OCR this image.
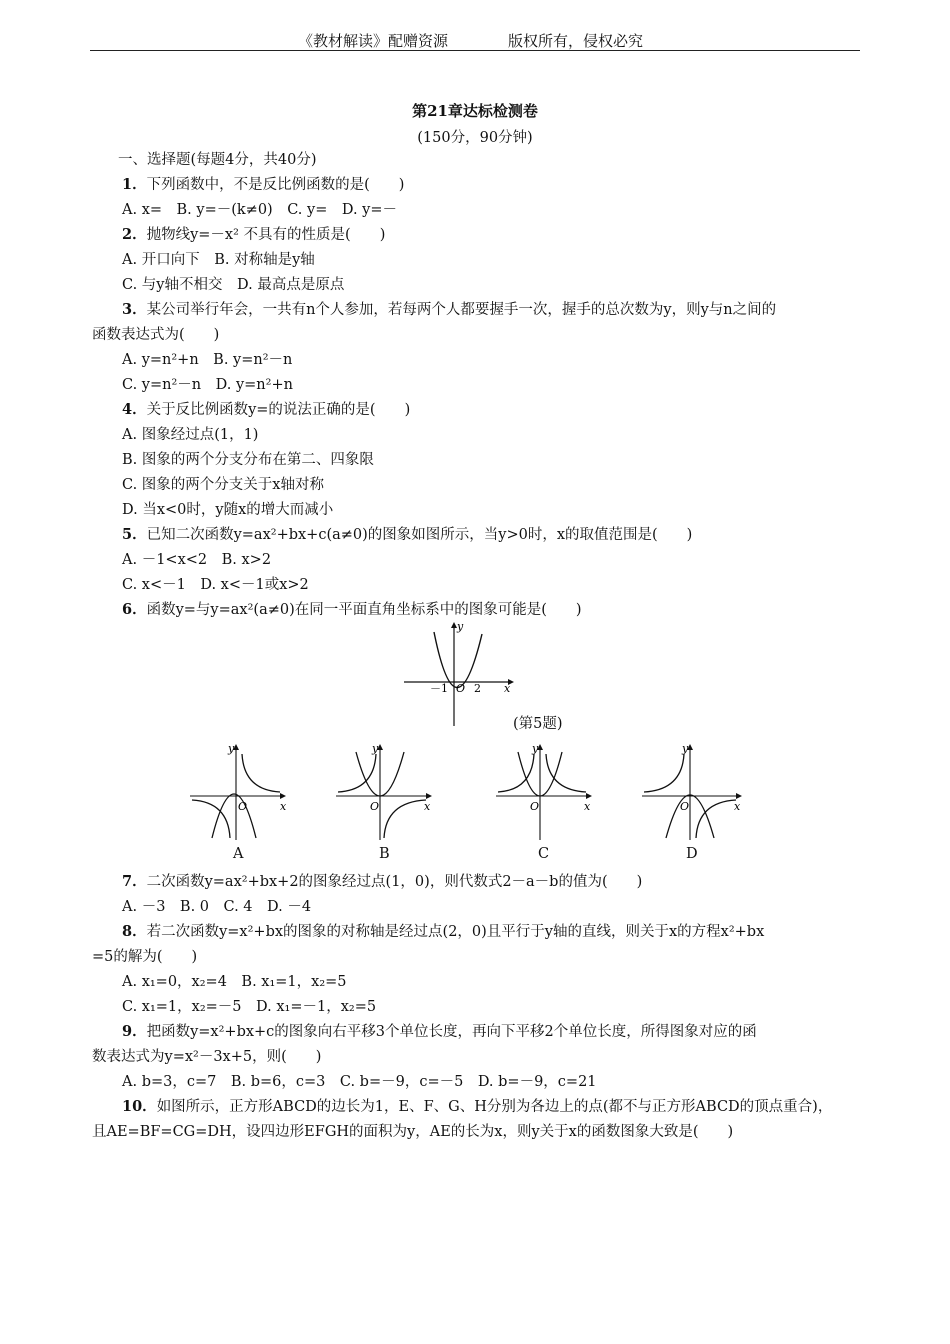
《教材解读》配赠资源	版权所有，侵权必究
第21章达标检测卷
(150分，90分钟)
一、选择题(每题4分，共40分)
1．下列函数中，不是反比例函数的是(　　)
A. x=　B. y=－(k≠0)　C. y=　D. y=－
2．抛物线y=－x² 不具有的性质是(　　)
A. 开口向下　B. 对称轴是y轴
C. 与y轴不相交　D. 最高点是原点
3．某公司举行年会，一共有n个人参加，若每两个人都要握手一次，握手的总次数为y，则y与n之间的
函数表达式为(　　)
A. y=n²+n　B. y=n²－n
C. y=n²－n　D. y=n²+n
4．关于反比例函数y=的说法正确的是(　　)
A. 图象经过点(1，1)
B. 图象的两个分支分布在第二、四象限
C. 图象的两个分支关于x轴对称
D. 当x<0时，y随x的增大而减小
5．已知二次函数y=ax²+bx+c(a≠0)的图象如图所示，当y>0时，x的取值范围是(　　)
A. －1<x<2　B. x>2
C. x<－1　D. x<－1或x>2
6．函数y=与y=ax²(a≠0)在同一平面直角坐标系中的图象可能是(　　)
y
x
－1 O 2
(第5题)
y
x
O
A
y
x
O
B
y
x
O
C
y
x
O
D
7．二次函数y=ax²+bx+2的图象经过点(1，0)，则代数式2－a－b的值为(　　)
A. －3　B. 0　C. 4　D. －4
8．若二次函数y=x²+bx的图象的对称轴是经过点(2，0)且平行于y轴的直线，则关于x的方程x²+bx
=5的解为(　　)
A. x₁=0，x₂=4　B. x₁=1，x₂=5
C. x₁=1，x₂=－5　D. x₁=－1，x₂=5
9．把函数y=x²+bx+c的图象向右平移3个单位长度，再向下平移2个单位长度，所得图象对应的函
数表达式为y=x²－3x+5，则(　　)
A. b=3，c=7　B. b=6，c=3　C. b=－9，c=－5　D. b=－9，c=21
10．如图所示，正方形ABCD的边长为1，E、F、G、H分别为各边上的点(都不与正方形ABCD的顶点重合)，
且AE=BF=CG=DH，设四边形EFGH的面积为y，AE的长为x，则y关于x的函数图象大致是(　　)
